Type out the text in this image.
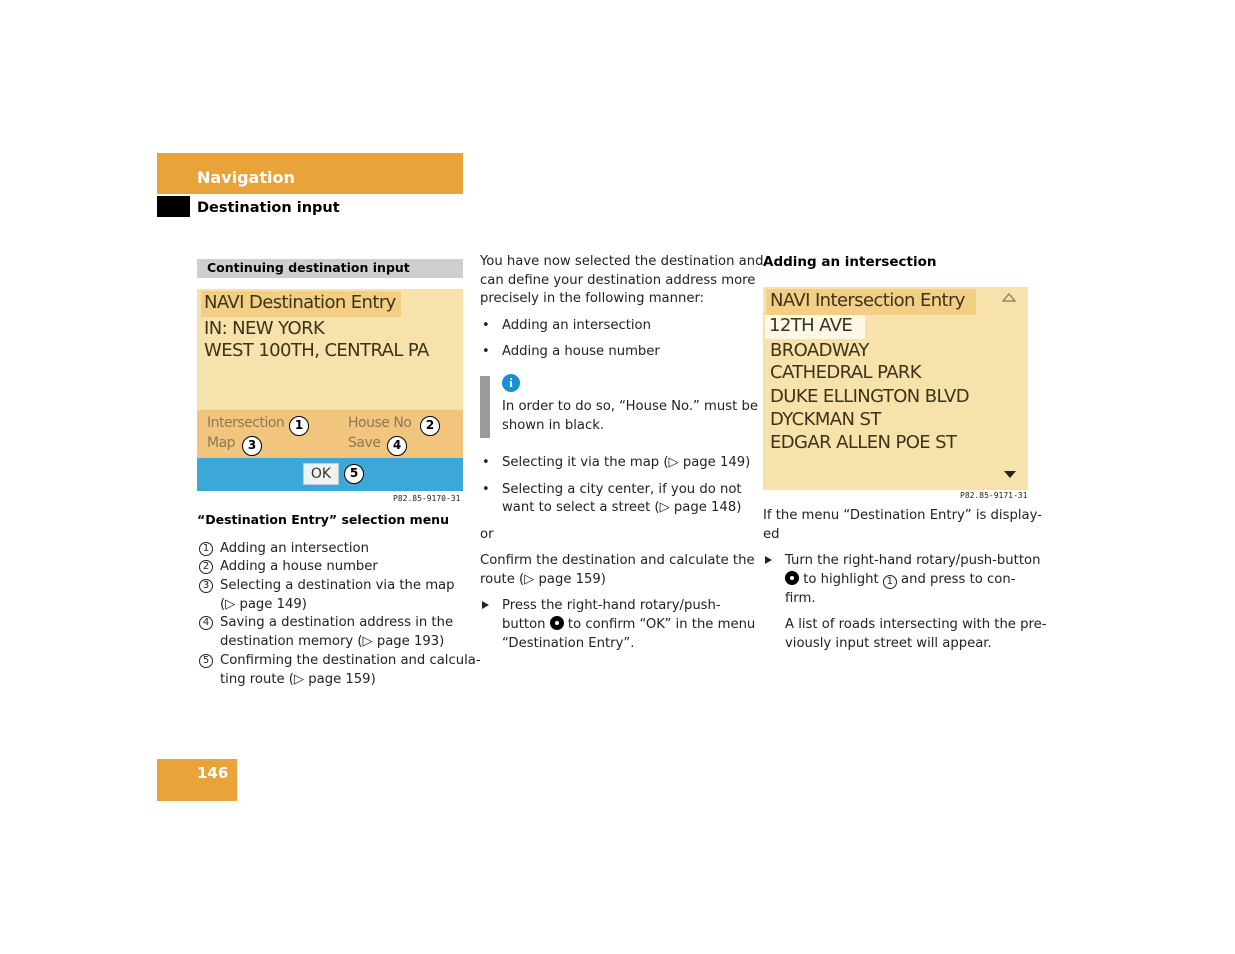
Navigation
Destination input
Continuing destination input
NAVI Destination Entry
IN: NEW YORK
WEST 100TH, CENTRAL PA
Intersection	House No
Map	Save
OK
1	2
3	4
5
P82.85-9170-31
“Destination Entry” selection menu
1 Adding an intersection
2 Adding a house number
3 Selecting a destination via the map
(▷ page 149)
4 Saving a destination address in the
destination memory (▷ page 193)
5 Confirming the destination and calcula-
ting route (▷ page 159)
146
You have now selected the destination and
can define your destination address more
precisely in the following manner:
• Adding an intersection
• Adding a house number
i
In order to do so, “House No.” must be
shown in black.
• Selecting it via the map (▷ page 149)
• Selecting a city center, if you do not
want to select a street (▷ page 148)
or
Confirm the destination and calculate the
route (▷ page 159)
Press the right-hand rotary/push-
button to confirm “OK” in the menu
“Destination Entry”.
Adding an intersection
NAVI Intersection Entry
12TH AVE
BROADWAY
CATHEDRAL PARK
DUKE ELLINGTON BLVD
DYCKMAN ST
EDGAR ALLEN POE ST
P82.85-9171-31
If the menu “Destination Entry” is display-
ed
Turn the right-hand rotary/push-button
to highlight 1 and press to con-
firm.
A list of roads intersecting with the pre-
viously input street will appear.
